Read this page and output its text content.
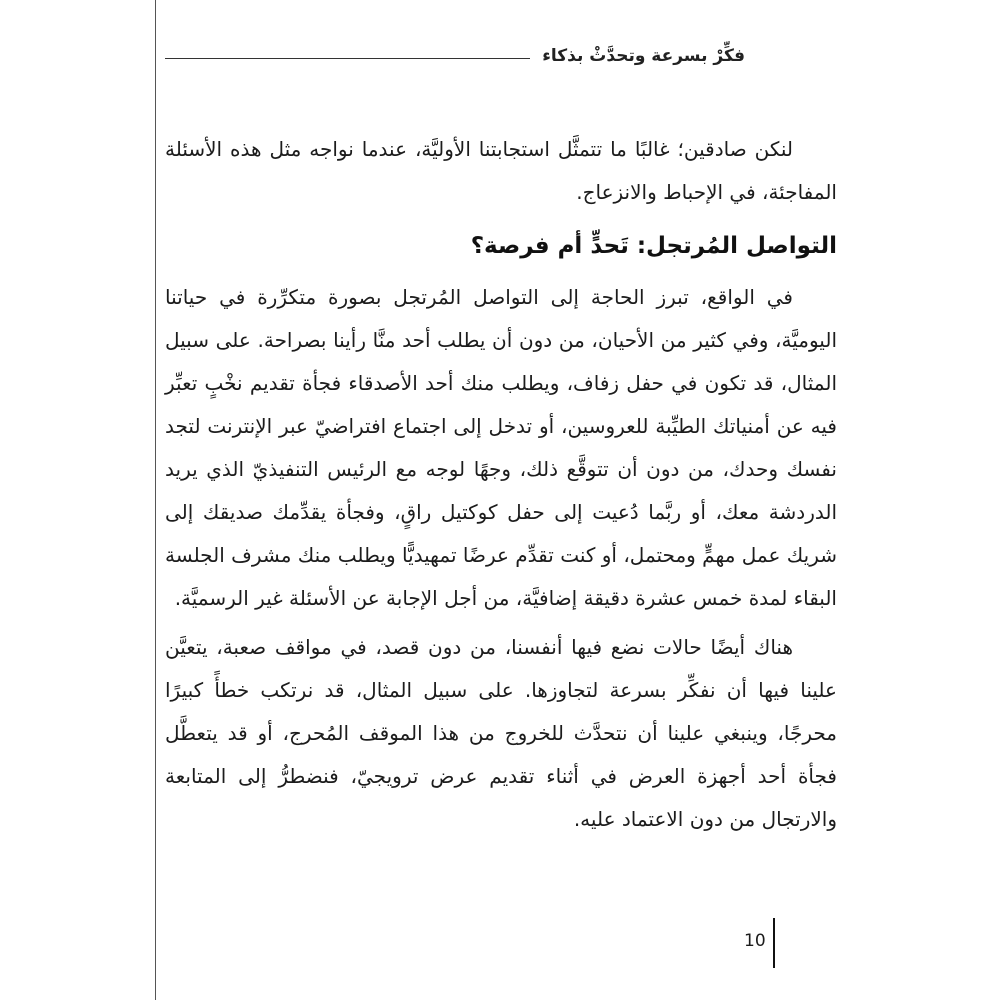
فكِّرْ بسرعة وتحدَّثْ بذكاء

لنكن صادقين؛ غالبًا ما تتمثَّل استجابتنا الأوليَّة، عندما نواجه مثل هذه الأسئلة المفاجئة، في الإحباط والانزعاج.

التواصل المُرتجل: تَحدٍّ أم فرصة؟

في الواقع، تبرز الحاجة إلى التواصل المُرتجل بصورة متكرِّرة في حياتنا اليوميَّة، وفي كثير من الأحيان، من دون أن يطلب أحد منَّا رأينا بصراحة. على سبيل المثال، قد تكون في حفل زفاف، ويطلب منك أحد الأصدقاء فجأة تقديم نخْبٍ تعبِّر فيه عن أمنياتك الطيِّبة للعروسين، أو تدخل إلى اجتماع افتراضيّ عبر الإنترنت لتجد نفسك وحدك، من دون أن تتوقَّع ذلك، وجهًا لوجه مع الرئيس التنفيذيّ الذي يريد الدردشة معك، أو ربَّما دُعيت إلى حفل كوكتيل راقٍ، وفجأة يقدِّمك صديقك إلى شريك عمل مهمٍّ ومحتمل، أو كنت تقدِّم عرضًا تمهيديًّا ويطلب منك مشرف الجلسة البقاء لمدة خمس عشرة دقيقة إضافيَّة، من أجل الإجابة عن الأسئلة غير الرسميَّة.

هناك أيضًا حالات نضع فيها أنفسنا، من دون قصد، في مواقف صعبة، يتعيَّن علينا فيها أن نفكِّر بسرعة لتجاوزها. على سبيل المثال، قد نرتكب خطأً كبيرًا محرجًا، وينبغي علينا أن نتحدَّث للخروج من هذا الموقف المُحرج، أو قد يتعطَّل فجأة أحد أجهزة العرض في أثناء تقديم عرض ترويجيّ، فنضطرُّ إلى المتابعة والارتجال من دون الاعتماد عليه.

10
